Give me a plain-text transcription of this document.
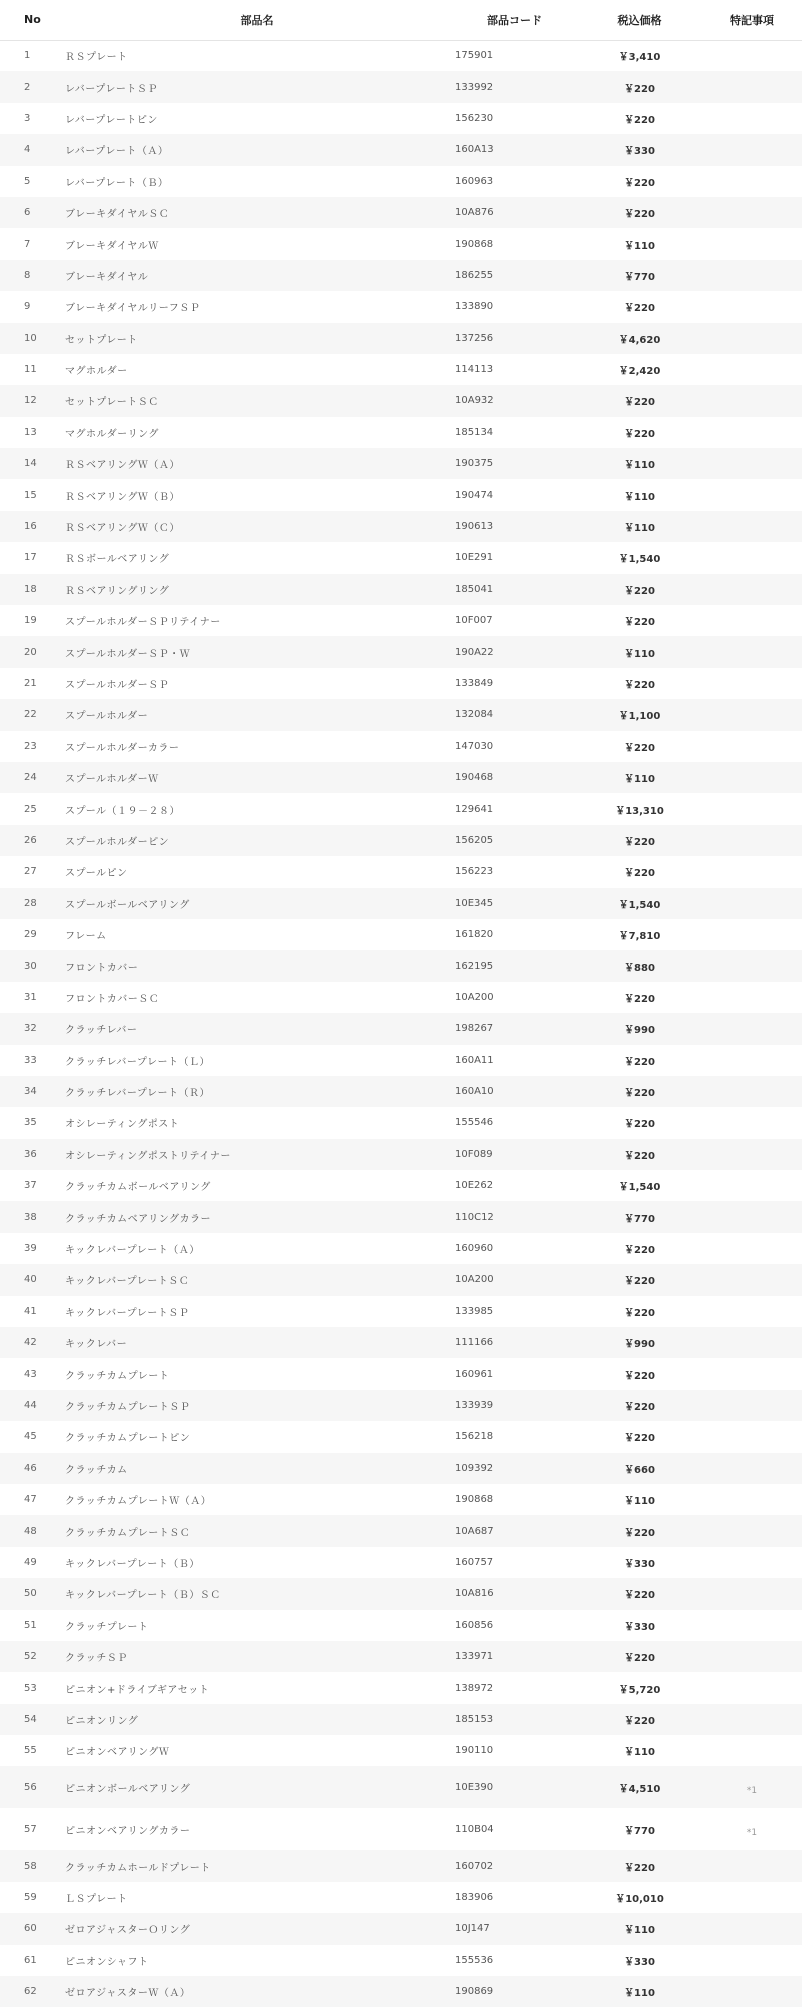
No	部品名	部品コード	税込価格	特記事項
1	ＲＳプレート	175901	￥3,410	
2	レバープレートＳＰ	133992	￥220	
3	レバープレートピン	156230	￥220	
4	レバープレート（Ａ）	160A13	￥330	
5	レバープレート（Ｂ）	160963	￥220	
6	ブレーキダイヤルＳＣ	10A876	￥220	
7	ブレーキダイヤルＷ	190868	￥110	
8	ブレーキダイヤル	186255	￥770	
9	ブレーキダイヤルリーフＳＰ	133890	￥220	
10	セットプレート	137256	￥4,620	
11	マグホルダー	114113	￥2,420	
12	セットプレートＳＣ	10A932	￥220	
13	マグホルダーリング	185134	￥220	
14	ＲＳベアリングＷ（Ａ）	190375	￥110	
15	ＲＳベアリングＷ（Ｂ）	190474	￥110	
16	ＲＳベアリングＷ（Ｃ）	190613	￥110	
17	ＲＳボールベアリング	10E291	￥1,540	
18	ＲＳベアリングリング	185041	￥220	
19	スプールホルダーＳＰリテイナー	10F007	￥220	
20	スプールホルダーＳＰ・Ｗ	190A22	￥110	
21	スプールホルダーＳＰ	133849	￥220	
22	スプールホルダー	132084	￥1,100	
23	スプールホルダーカラー	147030	￥220	
24	スプールホルダーＷ	190468	￥110	
25	スプール（１９－２８）	129641	￥13,310	
26	スプールホルダーピン	156205	￥220	
27	スプールピン	156223	￥220	
28	スプールボールベアリング	10E345	￥1,540	
29	フレーム	161820	￥7,810	
30	フロントカバー	162195	￥880	
31	フロントカバーＳＣ	10A200	￥220	
32	クラッチレバー	198267	￥990	
33	クラッチレバープレート（Ｌ）	160A11	￥220	
34	クラッチレバープレート（Ｒ）	160A10	￥220	
35	オシレーティングポスト	155546	￥220	
36	オシレーティングポストリテイナー	10F089	￥220	
37	クラッチカムボールベアリング	10E262	￥1,540	
38	クラッチカムベアリングカラー	110C12	￥770	
39	キックレバープレート（Ａ）	160960	￥220	
40	キックレバープレートＳＣ	10A200	￥220	
41	キックレバープレートＳＰ	133985	￥220	
42	キックレバー	111166	￥990	
43	クラッチカムプレート	160961	￥220	
44	クラッチカムプレートＳＰ	133939	￥220	
45	クラッチカムプレートピン	156218	￥220	
46	クラッチカム	109392	￥660	
47	クラッチカムプレートＷ（Ａ）	190868	￥110	
48	クラッチカムプレートＳＣ	10A687	￥220	
49	キックレバープレート（Ｂ）	160757	￥330	
50	キックレバープレート（Ｂ）ＳＣ	10A816	￥220	
51	クラッチプレート	160856	￥330	
52	クラッチＳＰ	133971	￥220	
53	ピニオン+ドライブギアセット	138972	￥5,720	
54	ピニオンリング	185153	￥220	
55	ピニオンベアリングＷ	190110	￥110	
56	ピニオンボールベアリング	10E390	￥4,510	*1
57	ピニオンベアリングカラー	110B04	￥770	*1
58	クラッチカムホールドプレート	160702	￥220	
59	ＬＳプレート	183906	￥10,010	
60	ゼロアジャスターＯリング	10J147	￥110	
61	ピニオンシャフト	155536	￥330	
62	ゼロアジャスターＷ（Ａ）	190869	￥110	
